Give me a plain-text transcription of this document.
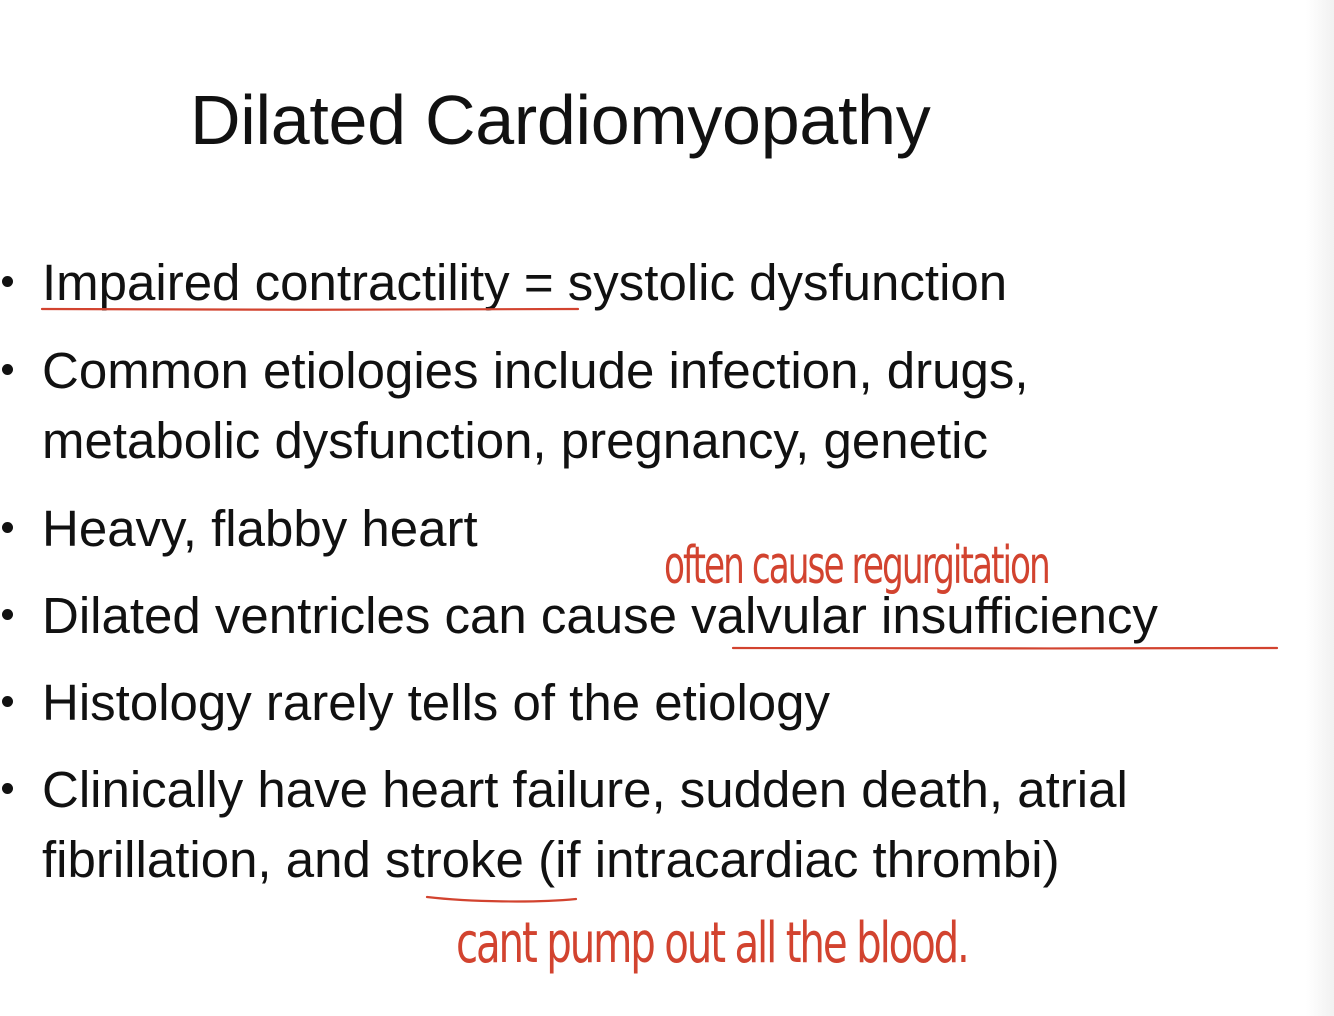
Dilated Cardiomyopathy
Impaired contractility = systolic dysfunction
Common etiologies include infection, drugs,
metabolic dysfunction, pregnancy, genetic
Heavy, flabby heart
Dilated ventricles can cause valvular insufficiency
Histology rarely tells of the etiology
Clinically have heart failure, sudden death, atrial
fibrillation, and stroke (if intracardiac thrombi)
often cause regurgitation
cant pump out all the blood.
